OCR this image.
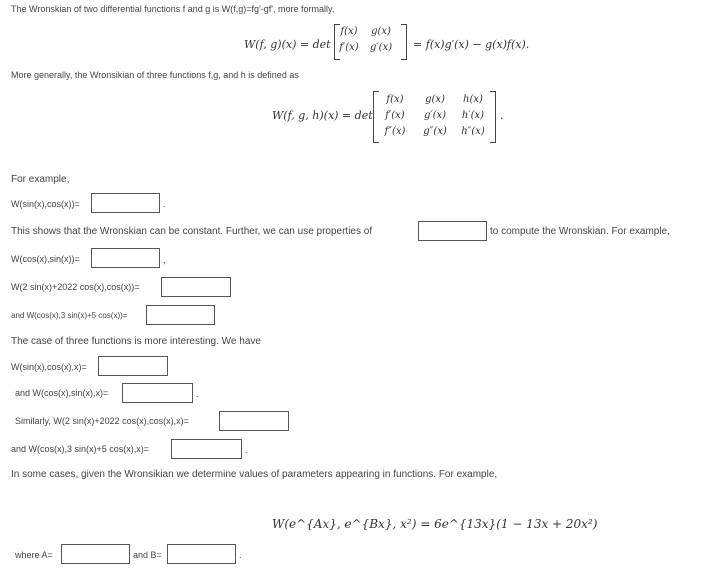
The Wronskian of two differential functions f and g is W(f,g)=fg'-gf', more formally,
W(f, g)(x) = det
f(x) g(x)
f′(x) g′(x) = f(x)g′(x) − g(x)f(x).
More generally, the Wronsikian of three functions f,g, and h is defined as
W(f, g, h)(x) = det
f(x)	g(x)	h(x)
f′(x)	g′(x)	h′(x)
f″(x)	g″(x)	h″(x)
.
For example,
W(sin(x),cos(x))=	.
This shows that the Wronskian can be constant. Further, we can use properties of	to compute the Wronskian. For example,
W(cos(x),sin(x))=	,
W(2 sin(x)+2022 cos(x),cos(x))=
and W(cos(x),3 sin(x)+5 cos(x))=
The case of three functions is more interesting. We have
W(sin(x),cos(x),x)=
and W(cos(x),sin(x),x)=	.
Similarly, W(2 sin(x)+2022 cos(x),cos(x),x)=
and W(cos(x),3 sin(x)+5 cos(x),x)=	.
In some cases, given the Wronsikian we determine values of parameters appearing in functions. For example,
W(e^{Ax}, e^{Bx}, x²) = 6e^{13x}(1 − 13x + 20x²)
where A=	and B=	.
